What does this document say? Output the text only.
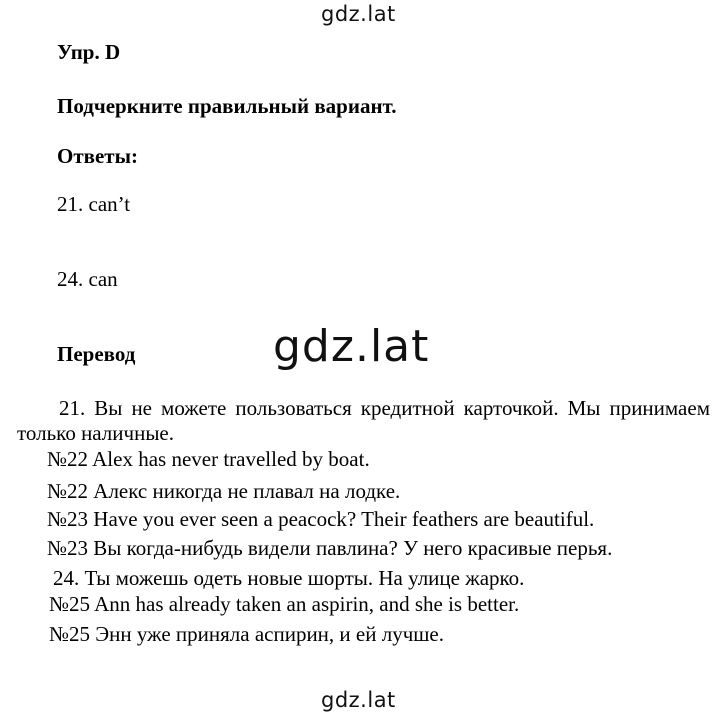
gdz.lat
Упр. D
Подчеркните правильный вариант.
Ответы:
21. can’t
24. can
Перевод	gdz.lat
21. Вы не можете пользоваться кредитной карточкой. Мы принимаем только наличные.
№22 Alex has never travelled by boat.
№22 Алекс никогда не плавал на лодке.
№23 Have you ever seen a peacock? Their feathers are beautiful.
№23 Вы когда-нибудь видели павлина? У него красивые перья.
24. Ты можешь одеть новые шорты. На улице жарко.
№25 Ann has already taken an aspirin, and she is better.
№25 Энн уже приняла аспирин, и ей лучше.
gdz.lat
